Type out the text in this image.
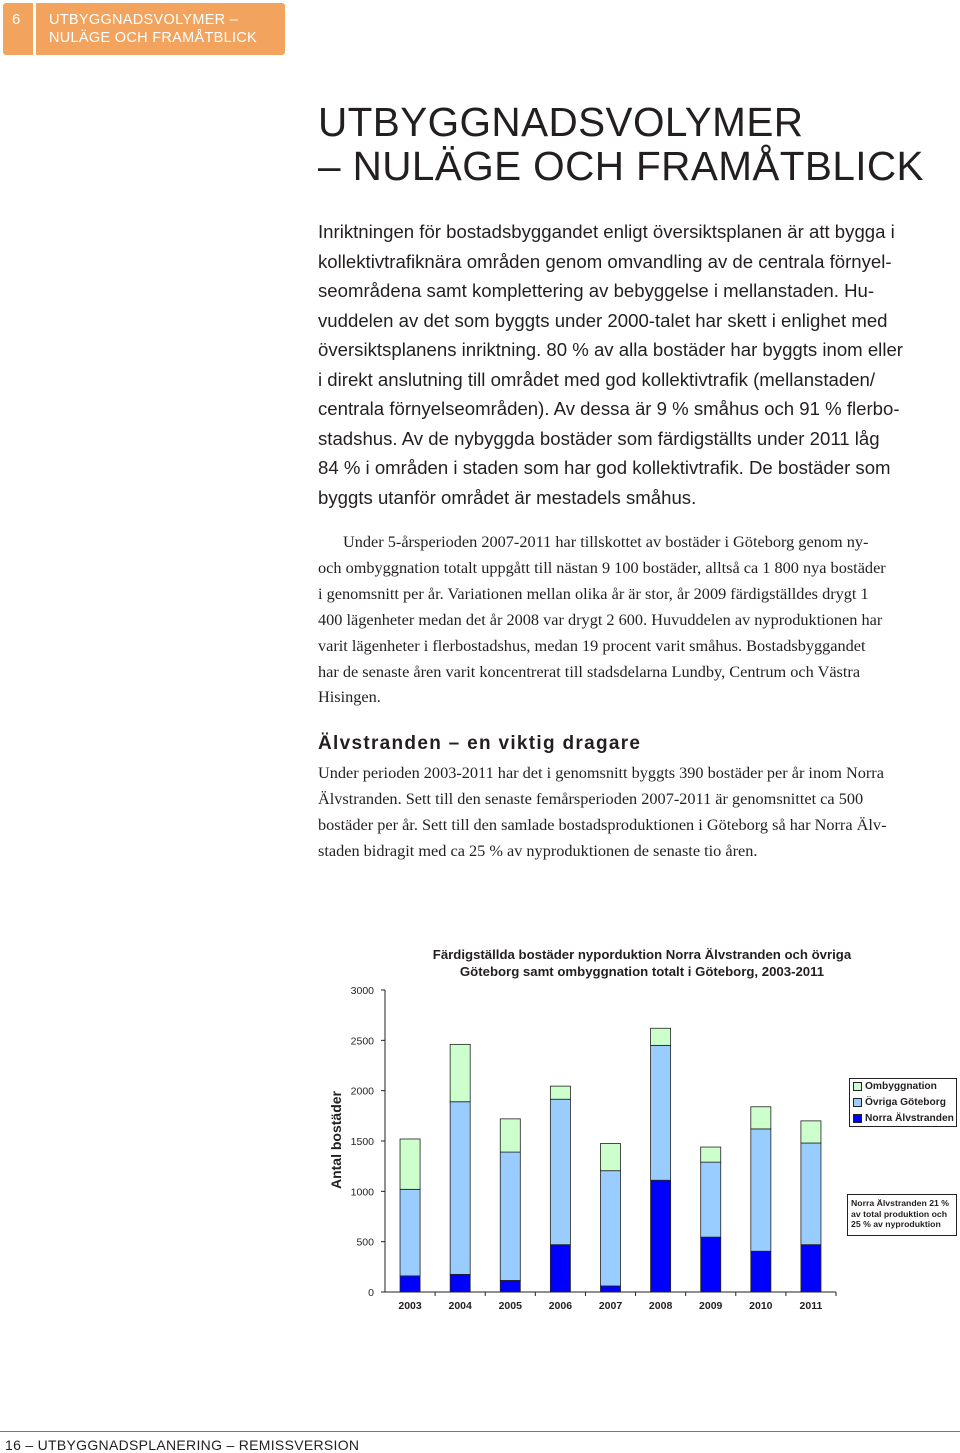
6 UTBYGGNADSVOLYMER –
NULÄGE OCH FRAMÅTBLICK
UTBYGGNADSVOLYMER
– NULÄGE OCH FRAMÅTBLICK
Inriktningen för bostadsbyggandet enligt översiktsplanen är att bygga i
kollektivtrafiknära områden genom omvandling av de centrala förnyel-
seområdena samt komplettering av bebyggelse i mellanstaden. Hu-
vuddelen av det som byggts under 2000-talet har skett i enlighet med
översiktsplanens inriktning. 80 % av alla bostäder har byggts inom eller
i direkt anslutning till området med god kollektivtrafik (mellanstaden/
centrala förnyelseområden). Av dessa är 9 % småhus och 91 % flerbo-
stadshus. Av de nybyggda bostäder som färdigställts under 2011 låg
84 % i områden i staden som har god kollektivtrafik. De bostäder som
byggts utanför området är mestadels småhus.
Under 5-årsperioden 2007-2011 har tillskottet av bostäder i Göteborg genom ny-
och ombyggnation totalt uppgått till nästan 9 100 bostäder, alltså ca 1 800 nya bostäder
i genomsnitt per år. Variationen mellan olika år är stor, år 2009 färdigställdes drygt 1
400 lägenheter medan det år 2008 var drygt 2 600. Huvuddelen av nyproduktionen har
varit lägenheter i flerbostadshus, medan 19 procent varit småhus. Bostadsbyggandet
har de senaste åren varit koncentrerat till stadsdelarna Lundby, Centrum och Västra
Hisingen.
Älvstranden – en viktig dragare
Under perioden 2003-2011 har det i genomsnitt byggts 390 bostäder per år inom Norra
Älvstranden. Sett till den senaste femårsperioden 2007-2011 är genomsnittet ca 500
bostäder per år. Sett till den samlade bostadsproduktionen i Göteborg så har Norra Älv-
staden bidragit med ca 25 % av nyproduktionen de senaste tio åren.
Färdigställda bostäder nyporduktion Norra Älvstranden och övriga
Göteborg samt ombyggnation totalt i Göteborg, 2003-2011
0
500
1000
1500
2000
2500
3000
2003	2004	2005	2006	2007	2008	2009	2010	2011
Antal bostäder
Ombyggnation
Övriga Göteborg
Norra Älvstranden
Norra Älvstranden 21 %
av total produktion och
25 % av nyproduktion
16 – UTBYGGNADSPLANERING – REMISSVERSION
